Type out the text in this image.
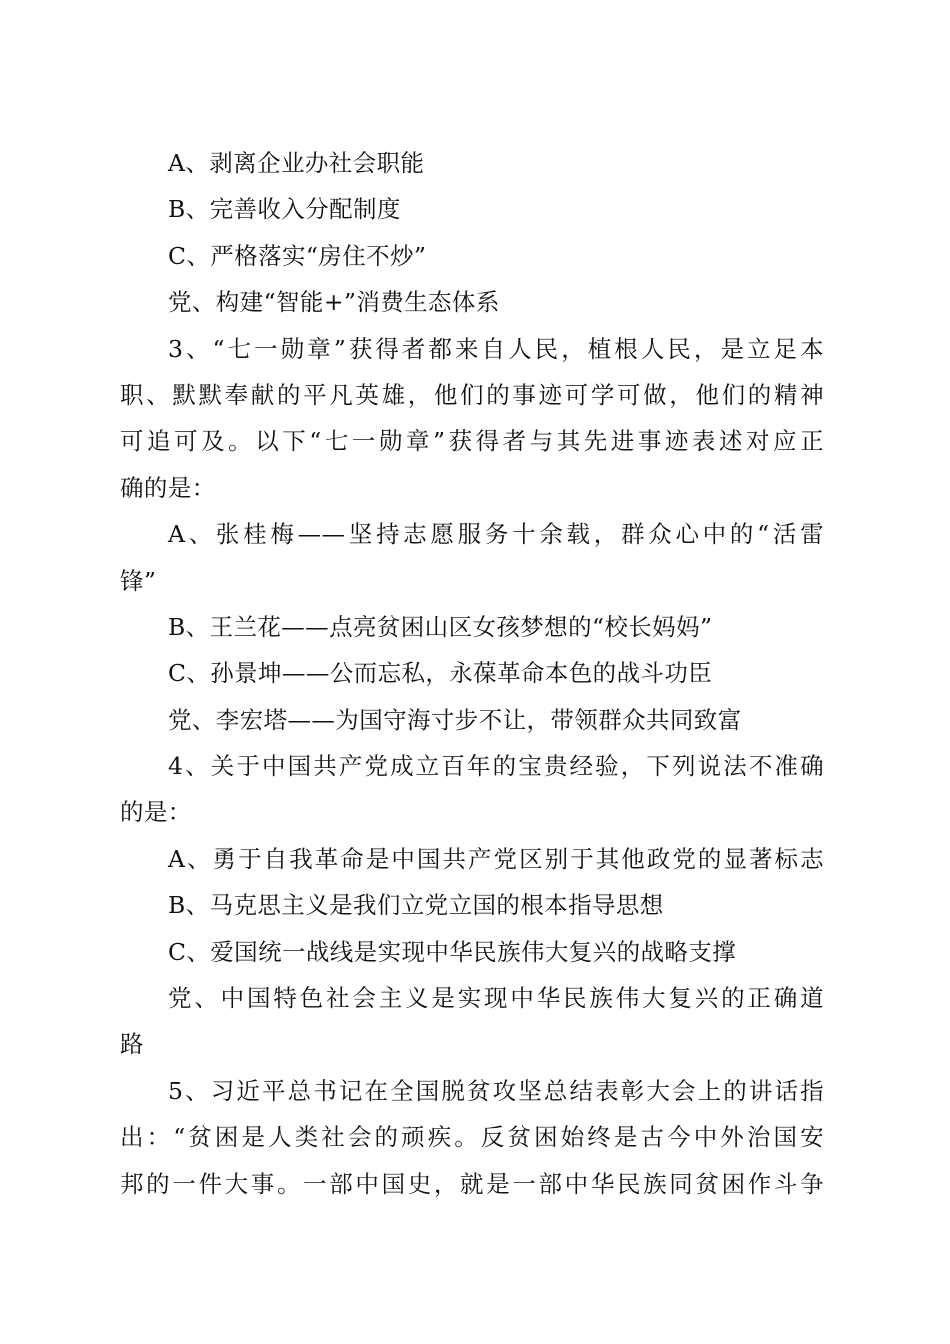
A、剥离企业办社会职能
B、完善收入分配制度
C、严格落实“房住不炒”
党、构建“智能+”消费生态体系
3、“七一勋章”获得者都来自人民，植根人民，是立足本
职、默默奉献的平凡英雄，他们的事迹可学可做，他们的精神
可追可及。以下“七一勋章”获得者与其先进事迹表述对应正
确的是：
A、张桂梅——坚持志愿服务十余载，群众心中的“活雷
锋”
B、王兰花——点亮贫困山区女孩梦想的“校长妈妈”
C、孙景坤——公而忘私，永葆革命本色的战斗功臣
党、李宏塔——为国守海寸步不让，带领群众共同致富
4、关于中国共产党成立百年的宝贵经验，下列说法不准确
的是：
A、勇于自我革命是中国共产党区别于其他政党的显著标志
B、马克思主义是我们立党立国的根本指导思想
C、爱国统一战线是实现中华民族伟大复兴的战略支撑
党、中国特色社会主义是实现中华民族伟大复兴的正确道
路
5、习近平总书记在全国脱贫攻坚总结表彰大会上的讲话指
出：“贫困是人类社会的顽疾。反贫困始终是古今中外治国安
邦的一件大事。一部中国史，就是一部中华民族同贫困作斗争
